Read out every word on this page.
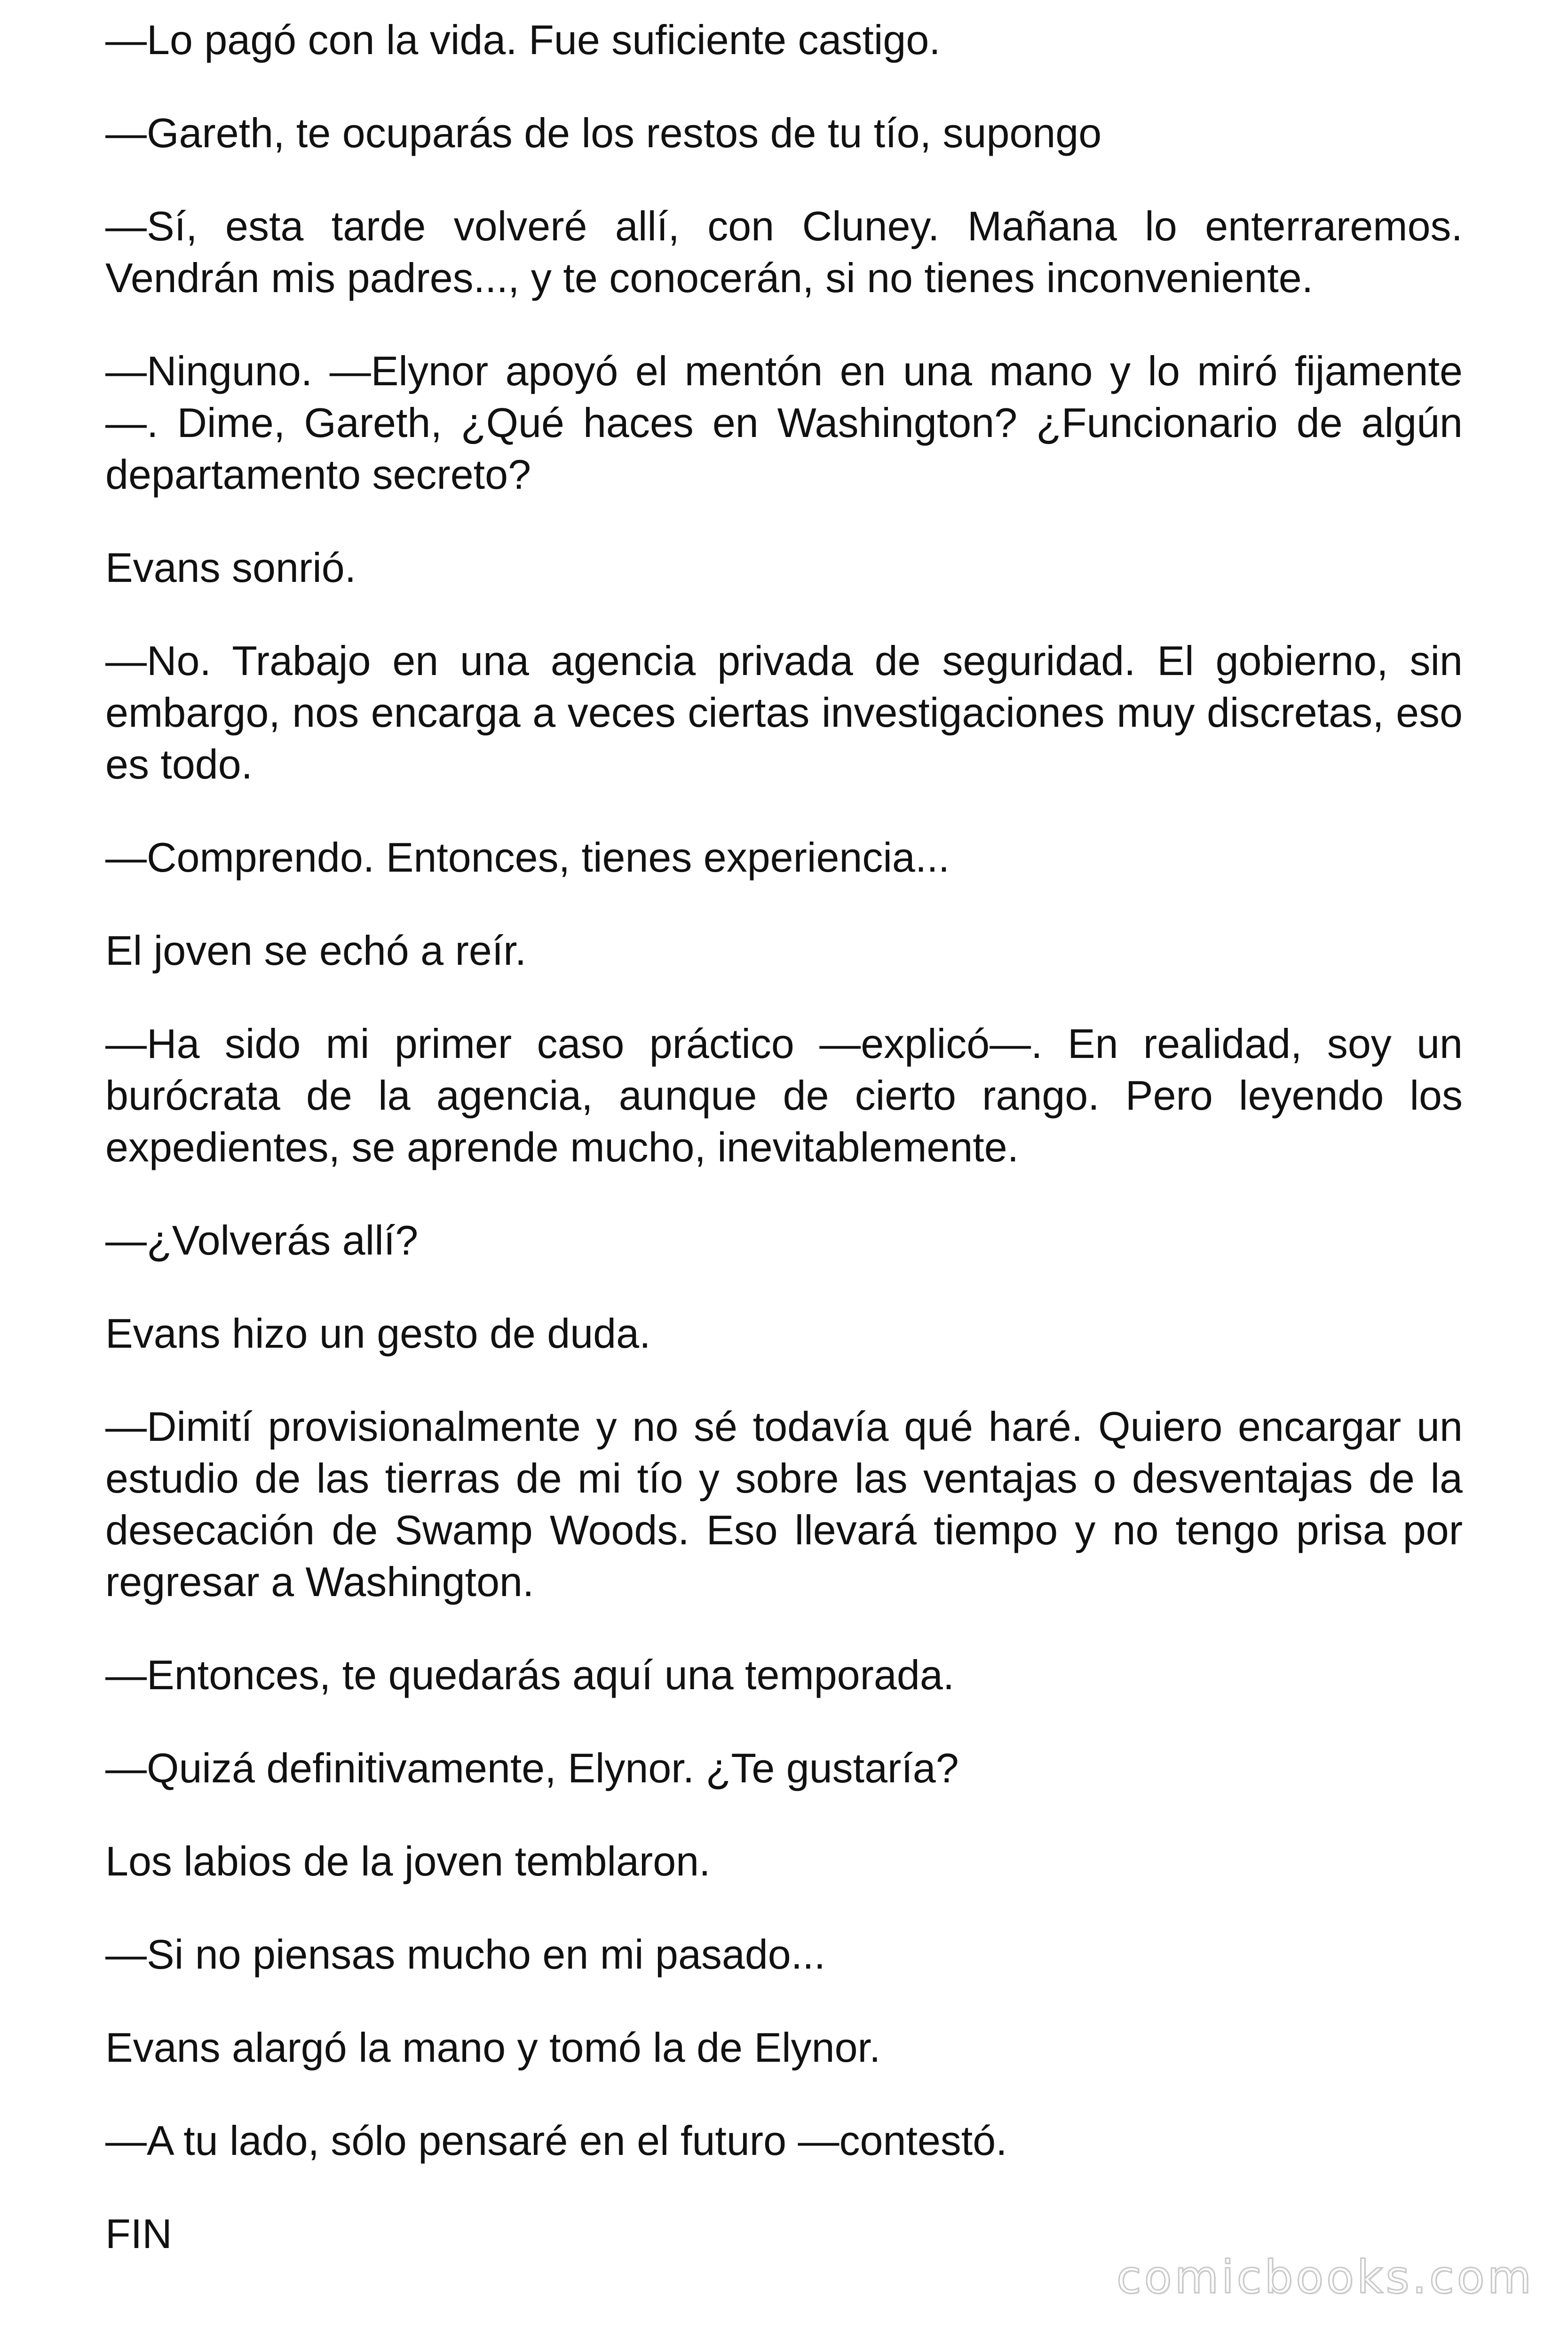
—Lo pagó con la vida. Fue suficiente castigo.

—Gareth, te ocuparás de los restos de tu tío, supongo

—Sí, esta tarde volveré allí, con Cluney. Mañana lo enterraremos. Vendrán mis padres..., y te conocerán, si no tienes inconveniente.

—Ninguno. —Elynor apoyó el mentón en una mano y lo miró fijamente —. Dime, Gareth, ¿Qué haces en Washington? ¿Funcionario de algún departamento secreto?

Evans sonrió.

—No. Trabajo en una agencia privada de seguridad. El gobierno, sin embargo, nos encarga a veces ciertas investigaciones muy discretas, eso es todo.

—Comprendo. Entonces, tienes experiencia...

El joven se echó a reír.

—Ha sido mi primer caso práctico —explicó—. En realidad, soy un burócrata de la agencia, aunque de cierto rango. Pero leyendo los expedientes, se aprende mucho, inevitablemente.

—¿Volverás allí?

Evans hizo un gesto de duda.

—Dimití provisionalmente y no sé todavía qué haré. Quiero encargar un estudio de las tierras de mi tío y sobre las ventajas o desventajas de la desecación de Swamp Woods. Eso llevará tiempo y no tengo prisa por regresar a Washington.

—Entonces, te quedarás aquí una temporada.

—Quizá definitivamente, Elynor. ¿Te gustaría?

Los labios de la joven temblaron.

—Si no piensas mucho en mi pasado...

Evans alargó la mano y tomó la de Elynor.

—A tu lado, sólo pensaré en el futuro —contestó.

FIN

comicbooks.com
